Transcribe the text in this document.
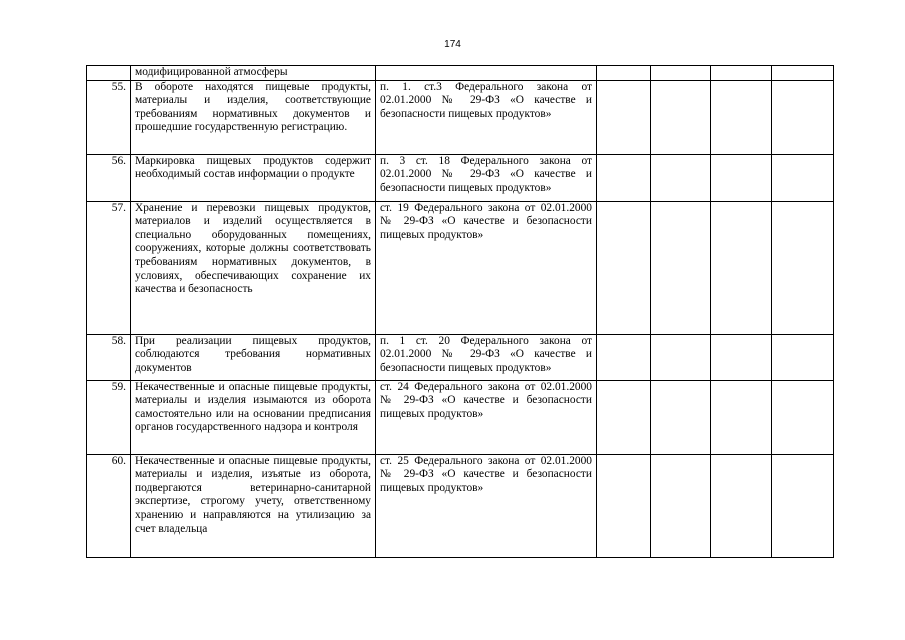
174

	модифицированной атмосферы					

55.	В обороте находятся пищевые продукты, материалы и изделия, соответствующие требованиям нормативных документов и прошедшие государственную регистрацию.	п. 1. ст.3 Федерального закона от 02.01.2000 № 29-ФЗ «О качестве и безопасности пищевых продуктов»				

56.	Маркировка пищевых продуктов содержит необходимый состав информации о продукте	п. 3 ст. 18 Федерального закона от 02.01.2000 № 29-ФЗ «О качестве и безопасности пищевых продуктов»				

57.	Хранение и перевозки пищевых продуктов, материалов и изделий осуществляется в специально оборудованных помещениях, сооружениях, которые должны соответствовать требованиям нормативных документов, в условиях, обеспечивающих сохранение их качества и безопасность	ст. 19 Федерального закона от 02.01.2000 № 29-ФЗ «О качестве и безопасности пищевых продуктов»				

58.	При реализации пищевых продуктов, соблюдаются требования нормативных документов	п. 1 ст. 20 Федерального закона от 02.01.2000 № 29-ФЗ «О качестве и безопасности пищевых продуктов»				

59.	Некачественные и опасные пищевые продукты, материалы и изделия изымаются из оборота самостоятельно или на основании предписания органов государственного надзора и контроля	ст. 24 Федерального закона от 02.01.2000 № 29-ФЗ «О качестве и безопасности пищевых продуктов»				

60.	Некачественные и опасные пищевые продукты, материалы и изделия, изъятые из оборота, подвергаются ветеринарно-санитарной экспертизе, строгому учету, ответственному хранению и направляются на утилизацию за счет владельца	ст. 25 Федерального закона от 02.01.2000 № 29-ФЗ «О качестве и безопасности пищевых продуктов»				
